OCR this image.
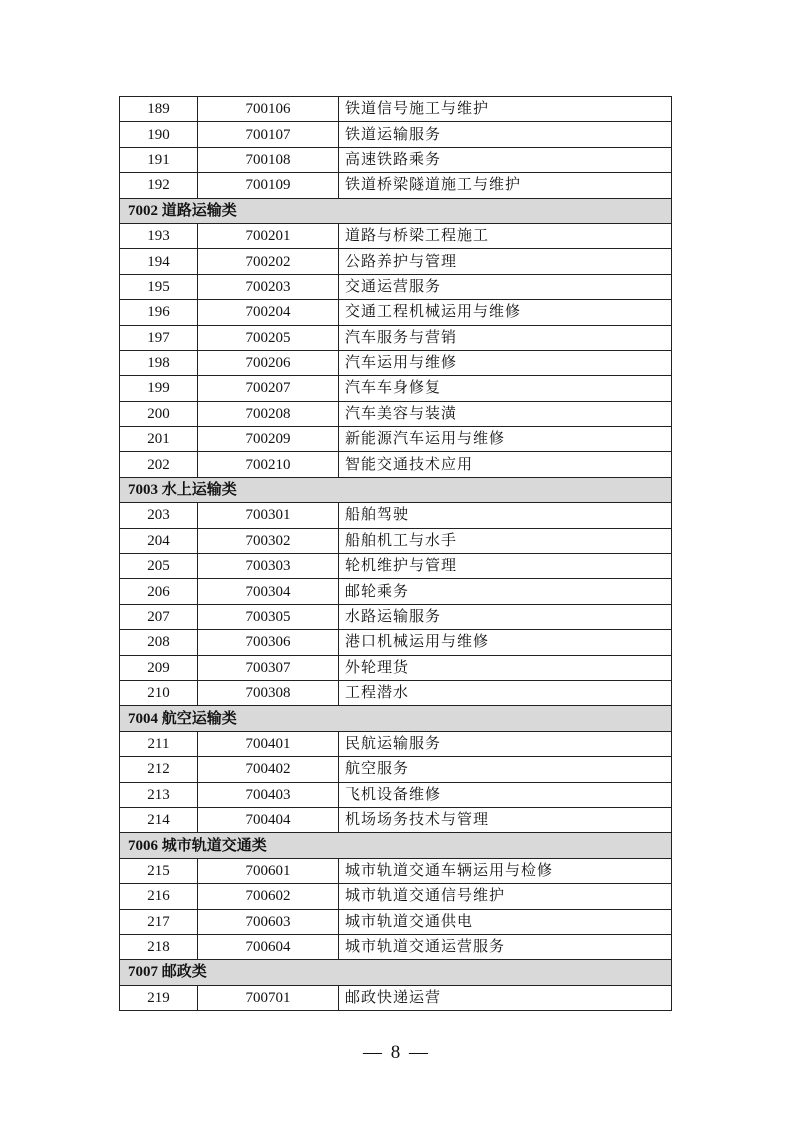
189	700106	铁道信号施工与维护
190	700107	铁道运输服务
191	700108	高速铁路乘务
192	700109	铁道桥梁隧道施工与维护
7002 道路运输类		
193	700201	道路与桥梁工程施工
194	700202	公路养护与管理
195	700203	交通运营服务
196	700204	交通工程机械运用与维修
197	700205	汽车服务与营销
198	700206	汽车运用与维修
199	700207	汽车车身修复
200	700208	汽车美容与装潢
201	700209	新能源汽车运用与维修
202	700210	智能交通技术应用
7003 水上运输类		
203	700301	船舶驾驶
204	700302	船舶机工与水手
205	700303	轮机维护与管理
206	700304	邮轮乘务
207	700305	水路运输服务
208	700306	港口机械运用与维修
209	700307	外轮理货
210	700308	工程潜水
7004 航空运输类		
211	700401	民航运输服务
212	700402	航空服务
213	700403	飞机设备维修
214	700404	机场场务技术与管理
7006 城市轨道交通类		
215	700601	城市轨道交通车辆运用与检修
216	700602	城市轨道交通信号维护
217	700603	城市轨道交通供电
218	700604	城市轨道交通运营服务
7007 邮政类		
219	700701	邮政快递运营
— 8 —
